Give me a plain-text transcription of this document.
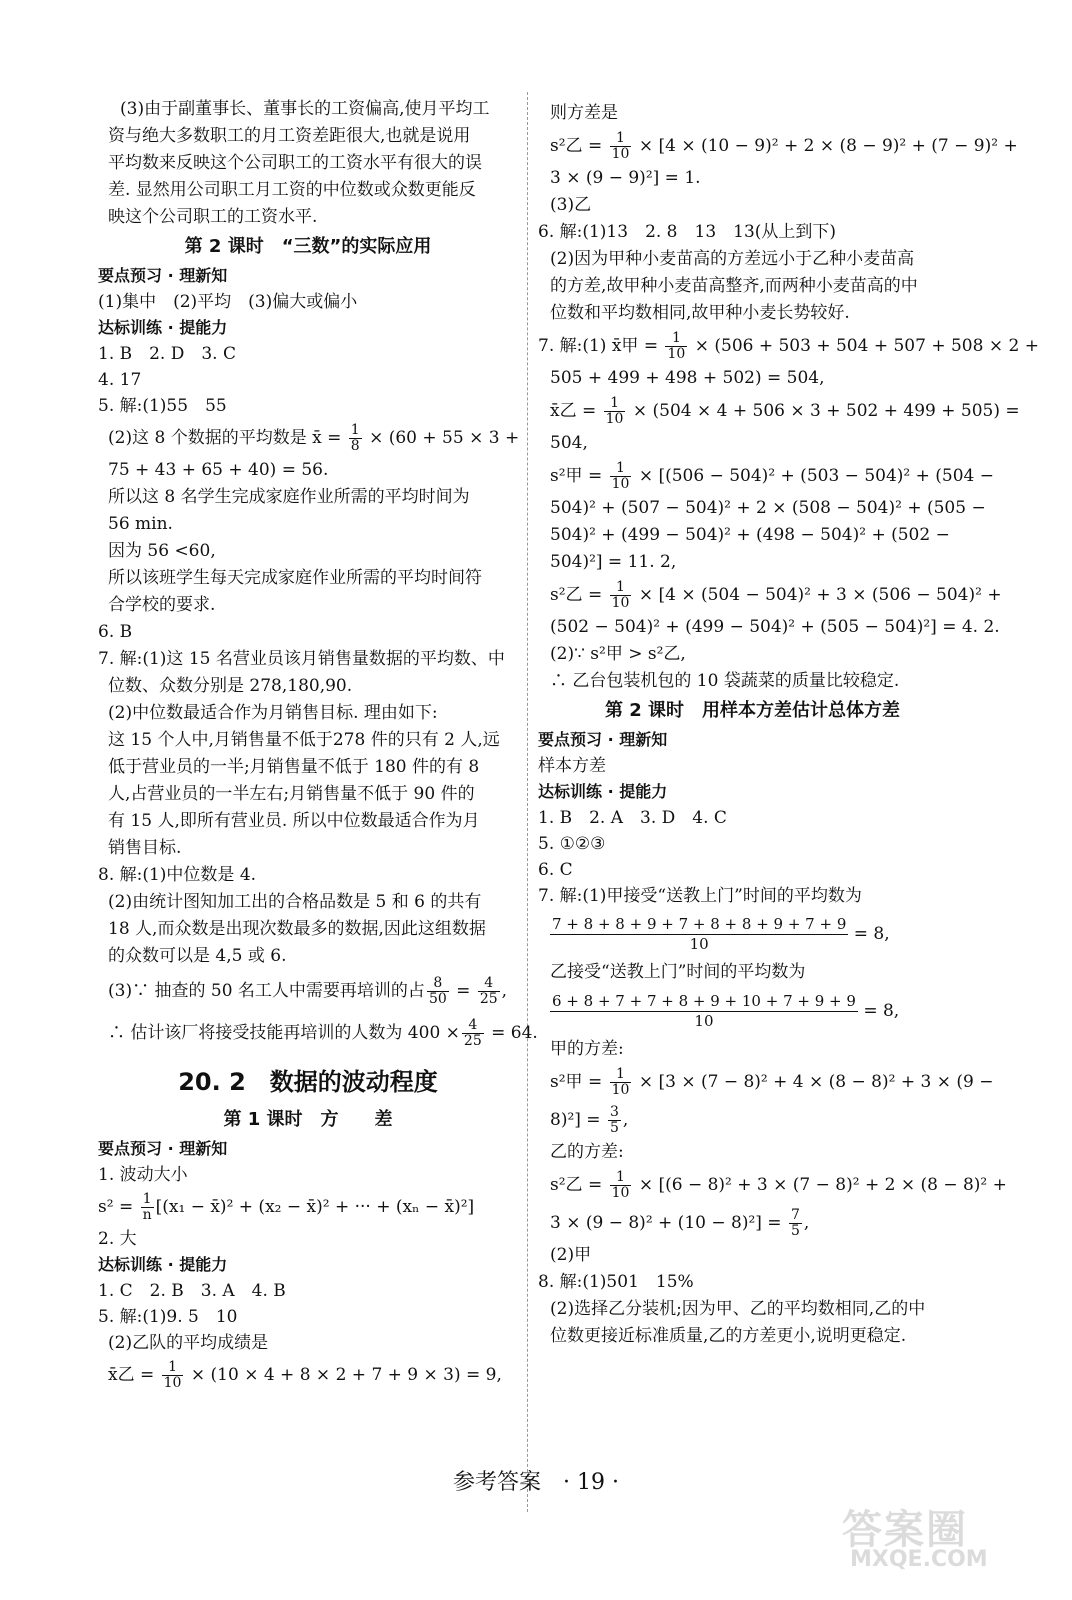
(3)由于副董事长、董事长的工资偏高,使月平均工
资与绝大多数职工的月工资差距很大,也就是说用
平均数来反映这个公司职工的工资水平有很大的误
差. 显然用公司职工月工资的中位数或众数更能反
映这个公司职工的工资水平.
第 2 课时　“三数”的实际应用
要点预习 · 理新知
(1)集中　(2)平均　(3)偏大或偏小
达标训练 · 提能力
1. B　2. D　3. C
4. 17
5. 解:(1)55　55
(2)这 8 个数据的平均数是 x̄ = $\frac{1}{8} \times (60 + 55 \times 3$ +
75 + 43 + 65 + 40) = 56.
所以这 8 名学生完成家庭作业所需的平均时间为
56 min.
因为 56 <60,
所以该班学生每天完成家庭作业所需的平均时间符
合学校的要求.
6. B
7. 解:(1)这 15 名营业员该月销售量数据的平均数、中
位数、众数分别是 278,180,90.
(2)中位数最适合作为月销售目标. 理由如下:
这 15 个人中,月销售量不低于278 件的只有 2 人,远
低于营业员的一半;月销售量不低于 180 件的有 8
人,占营业员的一半左右;月销售量不低于 90 件的
有 15 人,即所有营业员. 所以中位数最适合作为月
销售目标.
8. 解:(1)中位数是 4.
(2)由统计图知加工出的合格品数是 5 和 6 的共有
18 人,而众数是出现次数最多的数据,因此这组数据
的众数可以是 4,5 或 6.
(3)∵ 抽查的 50 名工人中需要再培训的占 $\frac{8}{50} = \frac{4}{25}$ ,
∴ 估计该厂将接受技能再培训的人数为 $400 \times \frac{4}{25} = 64$.
20. 2　数据的波动程度
第 1 课时　方　　差
要点预习 · 理新知
1. 波动大小
$s^2 = \frac{1}{n} [(x_1$ − x̄)² + (x₂ − x̄)² + ··· + (xₙ − x̄)²]
2. 大
达标训练 · 提能力
1. C　2. B　3. A　4. B
5. 解:(1)9. 5　10
(2)乙队的平均成绩是
x̄乙 = $\frac{1}{10} \times (10 \times 4 + 8 \times 2 + 7 + 9 \times 3) = 9$,
则方差是
s²乙 = $\frac{1}{10} \times [4 \times (10 - 9)^2 + 2 \times (8 - 9)^2 + (7 - 9)^2$ +
3 × (9 − 9)²] = 1.
(3)乙
6. 解:(1)13　2. 8　13　13(从上到下)
(2)因为甲种小麦苗高的方差远小于乙种小麦苗高
的方差,故甲种小麦苗高整齐,而两种小麦苗高的中
位数和平均数相同,故甲种小麦长势较好.
7. 解:(1) x̄甲 = $\frac{1}{10} \times (506 + 503 + 504 + 507 + 508 \times 2$ +
505 + 499 + 498 + 502) = 504,
x̄乙 = $\frac{1}{10} \times (504 \times 4 + 506 \times 3 + 502 + 499 + 505)$ =
504,
s²甲 = $\frac{1}{10} \times [(506 - 504)^2 + (503 - 504)^2 + (504$ −
504)² + (507 − 504)² + 2 × (508 − 504)² + (505 −
504)² + (499 − 504)² + (498 − 504)² + (502 −
504)²] = 11. 2,
s²乙 = $\frac{1}{10} \times [4 \times (504 - 504)^2 + 3 \times (506 - 504)^2$ +
(502 − 504)² + (499 − 504)² + (505 − 504)²] = 4. 2.
(2)∵ s²甲 > s²乙,
∴ 乙台包装机包的 10 袋蔬菜的质量比较稳定.
第 2 课时　用样本方差估计总体方差
要点预习 · 理新知
样本方差
达标训练 · 提能力
1. B　2. A　3. D　4. C
5. ①②③
6. C
7. 解:(1)甲接受“送教上门”时间的平均数为
$\frac{7 + 8 + 8 + 9 + 7 + 8 + 8 + 9 + 7 + 9}{10} = 8$,
乙接受“送教上门”时间的平均数为
$\frac{6 + 8 + 7 + 7 + 8 + 9 + 10 + 7 + 9 + 9}{10} = 8$,
甲的方差:
s²甲 = $\frac{1}{10} \times [3 \times (7 - 8)^2 + 4 \times (8 - 8)^2 + 3 \times (9$ −
$8)^2] = \frac{3}{5}$ ,
乙的方差:
s²乙 = $\frac{1}{10} \times [(6 - 8)^2 + 3 \times (7 - 8)^2 + 2 \times (8 - 8)^2$ +
$3 \times (9 - 8)^2 + (10 - 8)^2] = \frac{7}{5}$ ,
(2)甲
8. 解:(1)501　15%
(2)选择乙分装机;因为甲、乙的平均数相同,乙的中
位数更接近标准质量,乙的方差更小,说明更稳定.
参考答案　· 19 ·
答案圈
MXQE.COM
